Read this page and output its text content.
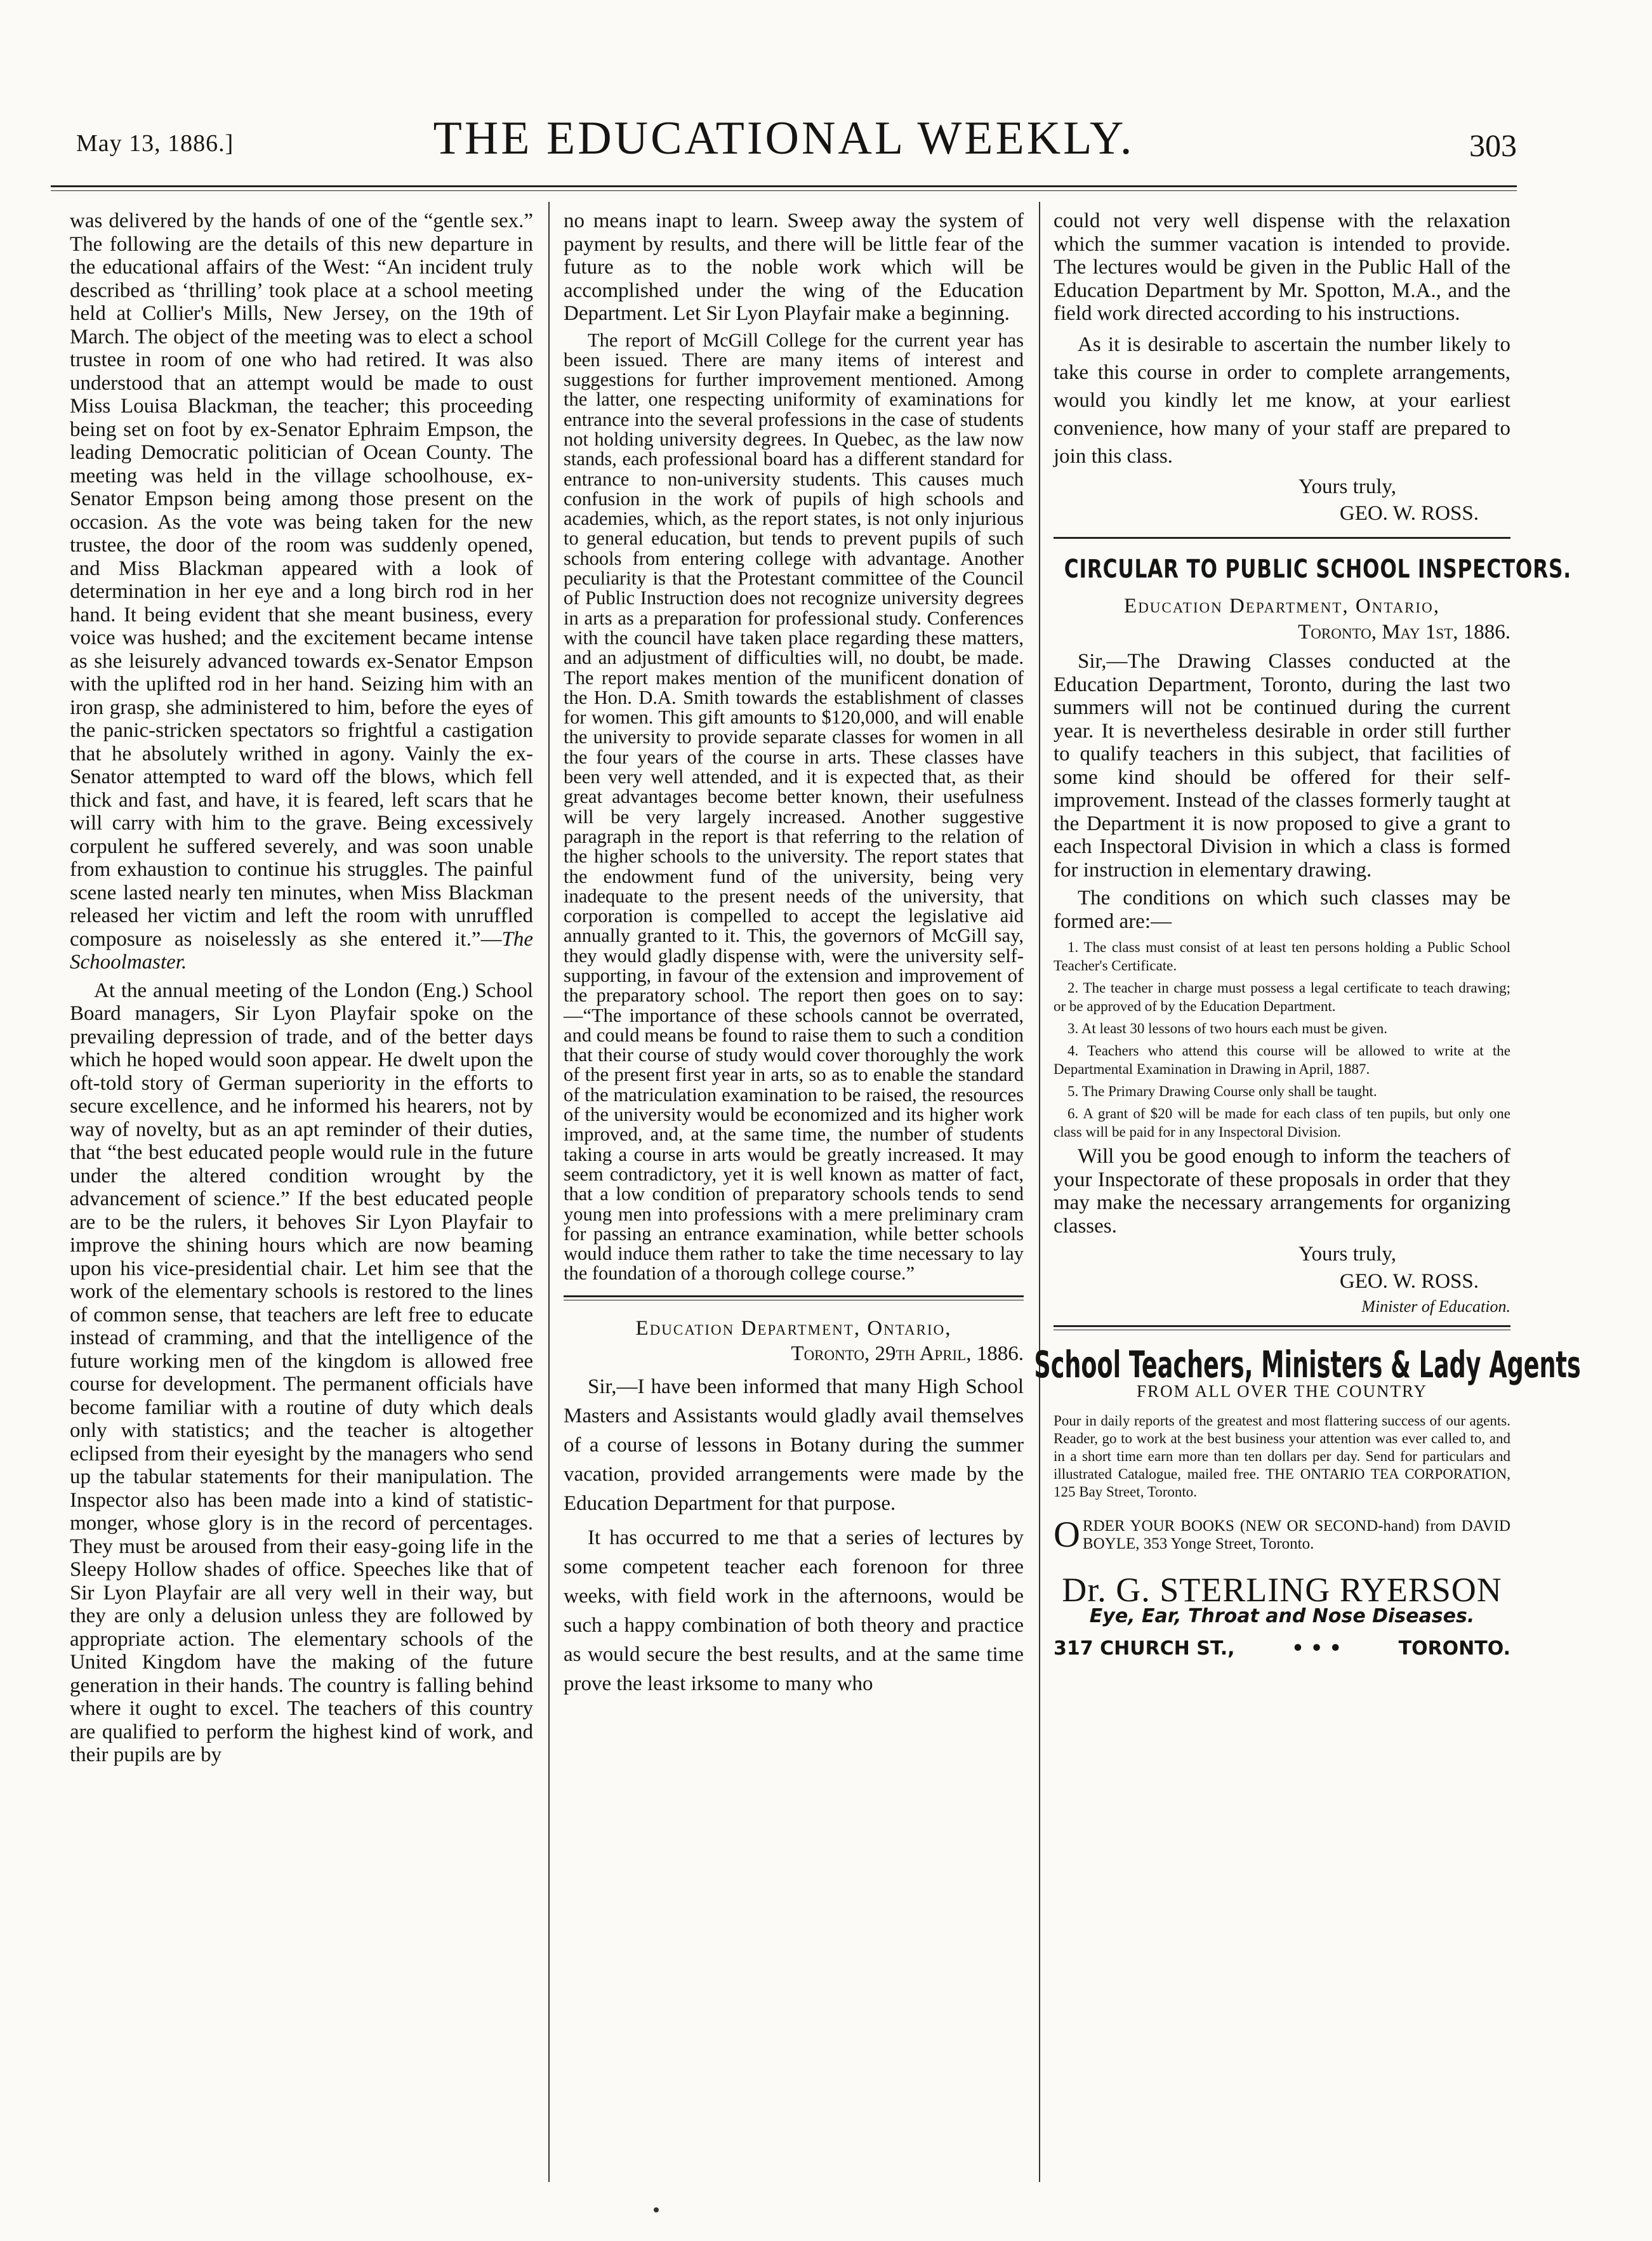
May 13, 1886.]	THE EDUCATIONAL WEEKLY.	303

was delivered by the hands of one of the “gentle sex.” The following are the details of this new departure in the educational affairs of the West: “An incident truly described as ‘thrilling’ took place at a school meeting held at Collier's Mills, New Jersey, on the 19th of March. The object of the meeting was to elect a school trustee in room of one who had retired. It was also understood that an attempt would be made to oust Miss Louisa Blackman, the teacher; this proceeding being set on foot by ex-Senator Ephraim Empson, the leading Democratic politician of Ocean County. The meeting was held in the village schoolhouse, ex-Senator Empson being among those present on the occasion. As the vote was being taken for the new trustee, the door of the room was suddenly opened, and Miss Blackman appeared with a look of determination in her eye and a long birch rod in her hand. It being evident that she meant business, every voice was hushed; and the excitement became intense as she leisurely advanced towards ex-Senator Empson with the uplifted rod in her hand. Seizing him with an iron grasp, she administered to him, before the eyes of the panic-stricken spectators so frightful a castigation that he absolutely writhed in agony. Vainly the ex-Senator attempted to ward off the blows, which fell thick and fast, and have, it is feared, left scars that he will carry with him to the grave. Being excessively corpulent he suffered severely, and was soon unable from exhaustion to continue his struggles. The painful scene lasted nearly ten minutes, when Miss Blackman released her victim and left the room with unruffled composure as noiselessly as she entered it.”—The Schoolmaster.

At the annual meeting of the London (Eng.) School Board managers, Sir Lyon Playfair spoke on the prevailing depression of trade, and of the better days which he hoped would soon appear. He dwelt upon the oft-told story of German superiority in the efforts to secure excellence, and he informed his hearers, not by way of novelty, but as an apt reminder of their duties, that “the best educated people would rule in the future under the altered condition wrought by the advancement of science.” If the best educated people are to be the rulers, it behoves Sir Lyon Playfair to improve the shining hours which are now beaming upon his vice-presidential chair. Let him see that the work of the elementary schools is restored to the lines of common sense, that teachers are left free to educate instead of cramming, and that the intelligence of the future working men of the kingdom is allowed free course for development. The permanent officials have become familiar with a routine of duty which deals only with statistics; and the teacher is altogether eclipsed from their eyesight by the managers who send up the tabular statements for their manipulation. The Inspector also has been made into a kind of statistic-monger, whose glory is in the record of percentages. They must be aroused from their easy-going life in the Sleepy Hollow shades of office. Speeches like that of Sir Lyon Playfair are all very well in their way, but they are only a delusion unless they are followed by appropriate action. The elementary schools of the United Kingdom have the making of the future generation in their hands. The country is falling behind where it ought to excel. The teachers of this country are qualified to perform the highest kind of work, and their pupils are by

no means inapt to learn. Sweep away the system of payment by results, and there will be little fear of the future as to the noble work which will be accomplished under the wing of the Education Department. Let Sir Lyon Playfair make a beginning.

The report of McGill College for the current year has been issued. There are many items of interest and suggestions for further improvement mentioned. Among the latter, one respecting uniformity of examinations for entrance into the several professions in the case of students not holding university degrees. In Quebec, as the law now stands, each professional board has a different standard for entrance to non-university students. This causes much confusion in the work of pupils of high schools and academies, which, as the report states, is not only injurious to general education, but tends to prevent pupils of such schools from entering college with advantage. Another peculiarity is that the Protestant committee of the Council of Public Instruction does not recognize university degrees in arts as a preparation for professional study. Conferences with the council have taken place regarding these matters, and an adjustment of difficulties will, no doubt, be made. The report makes mention of the munificent donation of the Hon. D.A. Smith towards the establishment of classes for women. This gift amounts to $120,000, and will enable the university to provide separate classes for women in all the four years of the course in arts. These classes have been very well attended, and it is expected that, as their great advantages become better known, their usefulness will be very largely increased. Another suggestive paragraph in the report is that referring to the relation of the higher schools to the university. The report states that the endowment fund of the university, being very inadequate to the present needs of the university, that corporation is compelled to accept the legislative aid annually granted to it. This, the governors of McGill say, they would gladly dispense with, were the university self-supporting, in favour of the extension and improvement of the preparatory school. The report then goes on to say:—“The importance of these schools cannot be overrated, and could means be found to raise them to such a condition that their course of study would cover thoroughly the work of the present first year in arts, so as to enable the standard of the matriculation examination to be raised, the resources of the university would be economized and its higher work improved, and, at the same time, the number of students taking a course in arts would be greatly increased. It may seem contradictory, yet it is well known as matter of fact, that a low condition of preparatory schools tends to send young men into professions with a mere preliminary cram for passing an entrance examination, while better schools would induce them rather to take the time necessary to lay the foundation of a thorough college course.”

Education Department, Ontario,
Toronto, 29th April, 1886.

Sir,—I have been informed that many High School Masters and Assistants would gladly avail themselves of a course of lessons in Botany during the summer vacation, provided arrangements were made by the Education Department for that purpose.

It has occurred to me that a series of lectures by some competent teacher each forenoon for three weeks, with field work in the afternoons, would be such a happy combination of both theory and practice as would secure the best results, and at the same time prove the least irksome to many who

could not very well dispense with the relaxation which the summer vacation is intended to provide. The lectures would be given in the Public Hall of the Education Department by Mr. Spotton, M.A., and the field work directed according to his instructions.

As it is desirable to ascertain the number likely to take this course in order to complete arrangements, would you kindly let me know, at your earliest convenience, how many of your staff are prepared to join this class.

Yours truly,
GEO. W. ROSS.
CIRCULAR TO PUBLIC SCHOOL INSPECTORS.
Education Department, Ontario,
Toronto, May 1st, 1886.

Sir,—The Drawing Classes conducted at the Education Department, Toronto, during the last two summers will not be continued during the current year. It is nevertheless desirable in order still further to qualify teachers in this subject, that facilities of some kind should be offered for their self-improvement. Instead of the classes formerly taught at the Department it is now proposed to give a grant to each Inspectoral Division in which a class is formed for instruction in elementary drawing.

The conditions on which such classes may be formed are:—

1. The class must consist of at least ten persons holding a Public School Teacher's Certificate.

2. The teacher in charge must possess a legal certificate to teach drawing; or be approved of by the Education Department.

3. At least 30 lessons of two hours each must be given.

4. Teachers who attend this course will be allowed to write at the Departmental Examination in Drawing in April, 1887.

5. The Primary Drawing Course only shall be taught.

6. A grant of $20 will be made for each class of ten pupils, but only one class will be paid for in any Inspectoral Division.

Will you be good enough to inform the teachers of your Inspectorate of these proposals in order that they may make the necessary arrangements for organizing classes.

Yours truly,
GEO. W. ROSS.
Minister of Education.
School Teachers, Ministers & Lady Agents
FROM ALL OVER THE COUNTRY
Pour in daily reports of the greatest and most flattering success of our agents. Reader, go to work at the best business your attention was ever called to, and in a short time earn more than ten dollars per day. Send for particulars and illustrated Catalogue, mailed free. THE ONTARIO TEA CORPORATION, 125 Bay Street, Toronto.
ORDER YOUR BOOKS (NEW OR SECOND-hand) from DAVID BOYLE, 353 Yonge Street, Toronto.
Dr. G. STERLING RYERSON
Eye, Ear, Throat and Nose Diseases.
317 CHURCH ST.,	• • •	TORONTO.
